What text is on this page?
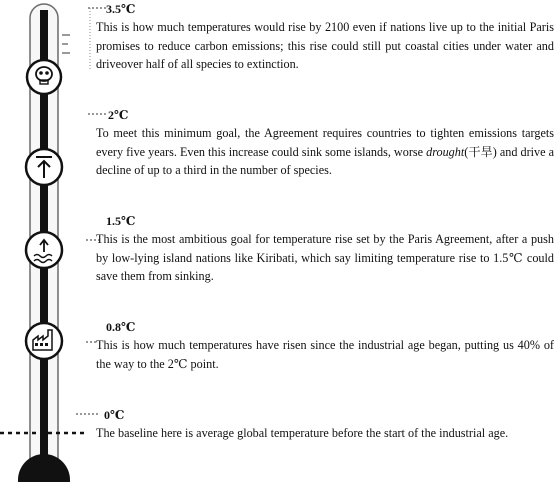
3.5℃
This is how much temperatures would rise by 2100 even if nations live up to the initial Paris promises to reduce carbon emissions; this rise could still put coastal cities under water and driveover half of all species to extinction.
2℃
To meet this minimum goal, the Agreement requires countries to tighten emissions targets every five years. Even this increase could sink some islands, worse drought(干旱) and drive a decline of up to a third in the number of species.
1.5℃
This is the most ambitious goal for temperature rise set by the Paris Agreement, after a push by low-lying island nations like Kiribati, which say limiting temperature rise to 1.5℃ could save them from sinking.
0.8℃
This is how much temperatures have risen since the industrial age began, putting us 40% of the way to the 2℃ point.
0℃
The baseline here is average global temperature before the start of the industrial age.
